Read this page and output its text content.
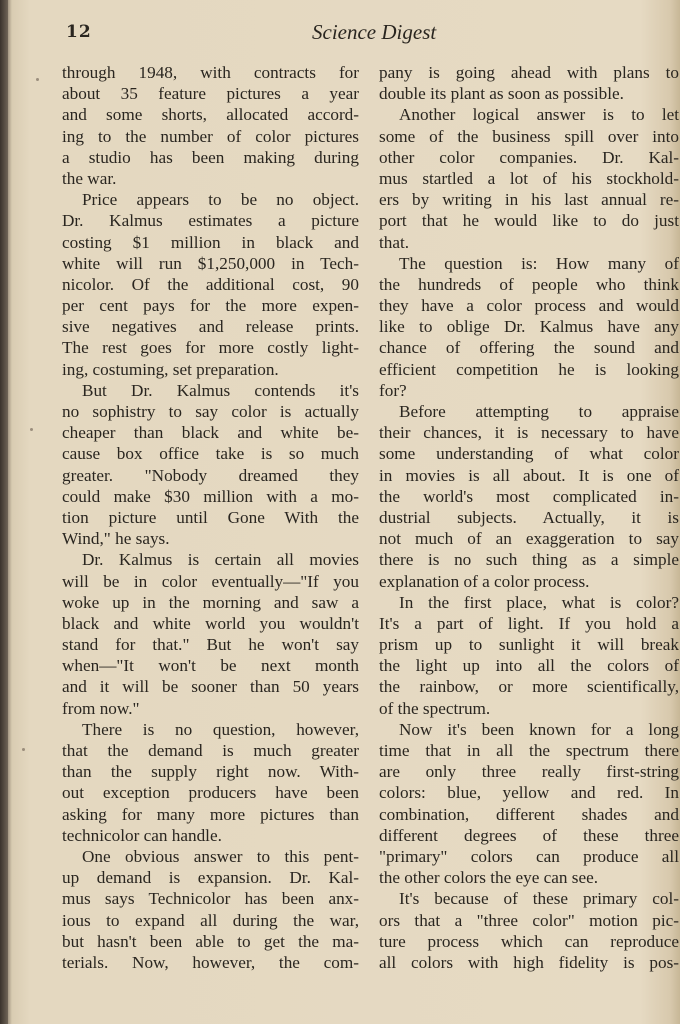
12	Science Digest
through 1948, with contracts for
about 35 feature pictures a year
and some shorts, allocated accord-
ing to the number of color pictures
a studio has been making during
the war.
Price appears to be no object.
Dr. Kalmus estimates a picture
costing $1 million in black and
white will run $1,250,000 in Tech-
nicolor. Of the additional cost, 90
per cent pays for the more expen-
sive negatives and release prints.
The rest goes for more costly light-
ing, costuming, set preparation.
But Dr. Kalmus contends it's
no sophistry to say color is actually
cheaper than black and white be-
cause box office take is so much
greater. "Nobody dreamed they
could make $30 million with a mo-
tion picture until Gone With the
Wind," he says.
Dr. Kalmus is certain all movies
will be in color eventually—"If you
woke up in the morning and saw a
black and white world you wouldn't
stand for that." But he won't say
when—"It won't be next month
and it will be sooner than 50 years
from now."
There is no question, however,
that the demand is much greater
than the supply right now. With-
out exception producers have been
asking for many more pictures than
technicolor can handle.
One obvious answer to this pent-
up demand is expansion. Dr. Kal-
mus says Technicolor has been anx-
ious to expand all during the war,
but hasn't been able to get the ma-
terials. Now, however, the com-
pany is going ahead with plans to
double its plant as soon as possible.
Another logical answer is to let
some of the business spill over into
other color companies. Dr. Kal-
mus startled a lot of his stockhold-
ers by writing in his last annual re-
port that he would like to do just
that.
The question is: How many of
the hundreds of people who think
they have a color process and would
like to oblige Dr. Kalmus have any
chance of offering the sound and
efficient competition he is looking
for?
Before attempting to appraise
their chances, it is necessary to have
some understanding of what color
in movies is all about. It is one of
the world's most complicated in-
dustrial subjects. Actually, it is
not much of an exaggeration to say
there is no such thing as a simple
explanation of a color process.
In the first place, what is color?
It's a part of light. If you hold a
prism up to sunlight it will break
the light up into all the colors of
the rainbow, or more scientifically,
of the spectrum.
Now it's been known for a long
time that in all the spectrum there
are only three really first-string
colors: blue, yellow and red. In
combination, different shades and
different degrees of these three
"primary" colors can produce all
the other colors the eye can see.
It's because of these primary col-
ors that a "three color" motion pic-
ture process which can reproduce
all colors with high fidelity is pos-
